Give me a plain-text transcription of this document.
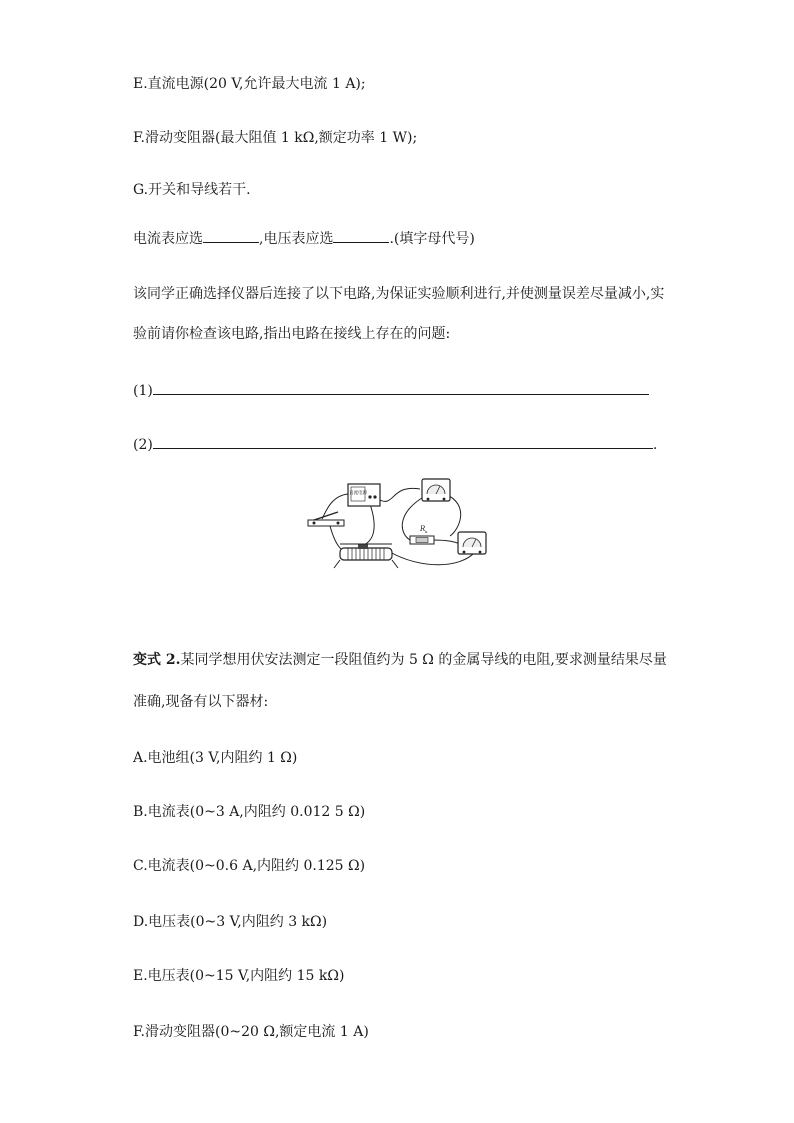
E.直流电源(20 V,允许最大电流 1 A);
F.滑动变阻器(最大阻值 1 kΩ,额定功率 1 W);
G.开关和导线若干.
电流表应选	,电压表应选	.(填字母代号)
该同学正确选择仪器后连接了以下电路,为保证实验顺利进行,并使测量误差尽量减小,实
验前请你检查该电路,指出电路在接线上存在的问题:
(1)
(2)	.
直流电源
R x
变式 2.某同学想用伏安法测定一段阻值约为 5 Ω 的金属导线的电阻,要求测量结果尽量
准确,现备有以下器材:
A.电池组(3 V,内阻约 1 Ω)
B.电流表(0~3 A,内阻约 0.012 5 Ω)
C.电流表(0~0.6 A,内阻约 0.125 Ω)
D.电压表(0~3 V,内阻约 3 kΩ)
E.电压表(0~15 V,内阻约 15 kΩ)
F.滑动变阻器(0~20 Ω,额定电流 1 A)
